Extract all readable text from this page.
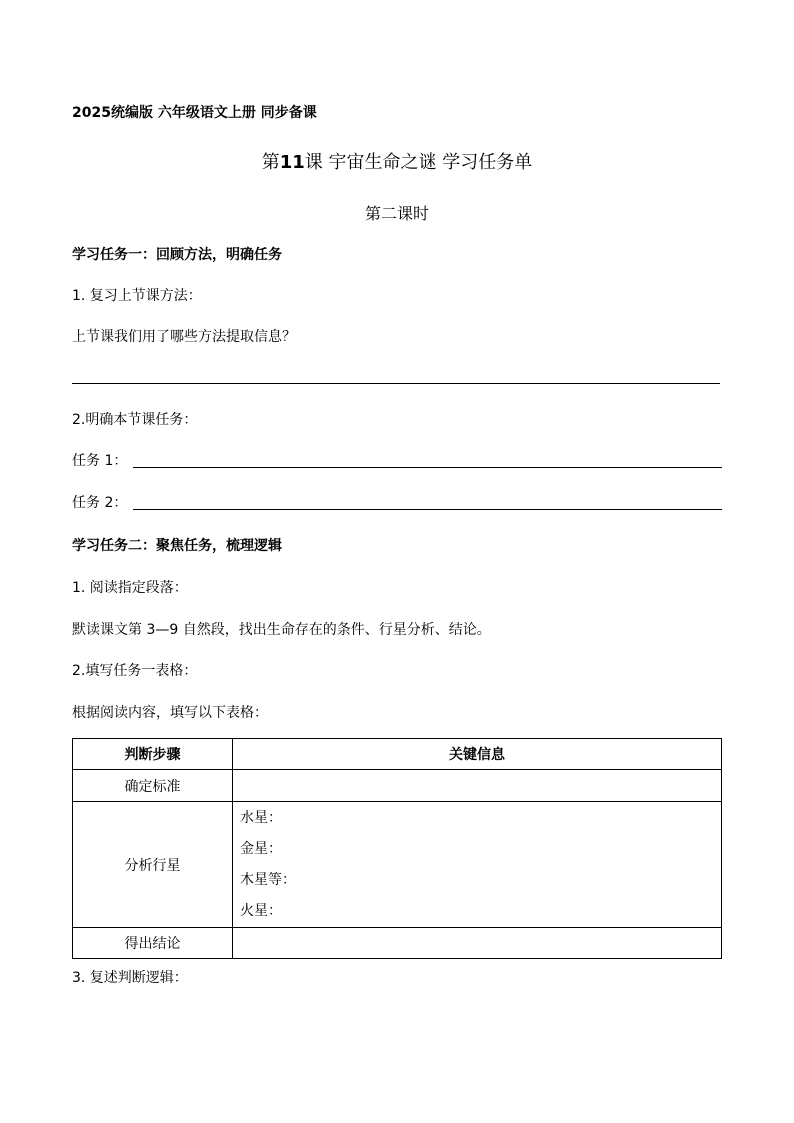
2025统编版 六年级语文上册 同步备课
第11课 宇宙生命之谜 学习任务单
第二课时
学习任务一：回顾方法，明确任务
1. 复习上节课方法：
上节课我们用了哪些方法提取信息？
2.明确本节课任务：
任务 1：
任务 2：
学习任务二：聚焦任务，梳理逻辑
1. 阅读指定段落：
默读课文第 3—9 自然段，找出生命存在的条件、行星分析、结论。
2.填写任务一表格：
根据阅读内容，填写以下表格：
判断步骤	关键信息
确定标准	
分析行星	水星：
金星：
木星等：
火星：

得出结论	
3. 复述判断逻辑：
